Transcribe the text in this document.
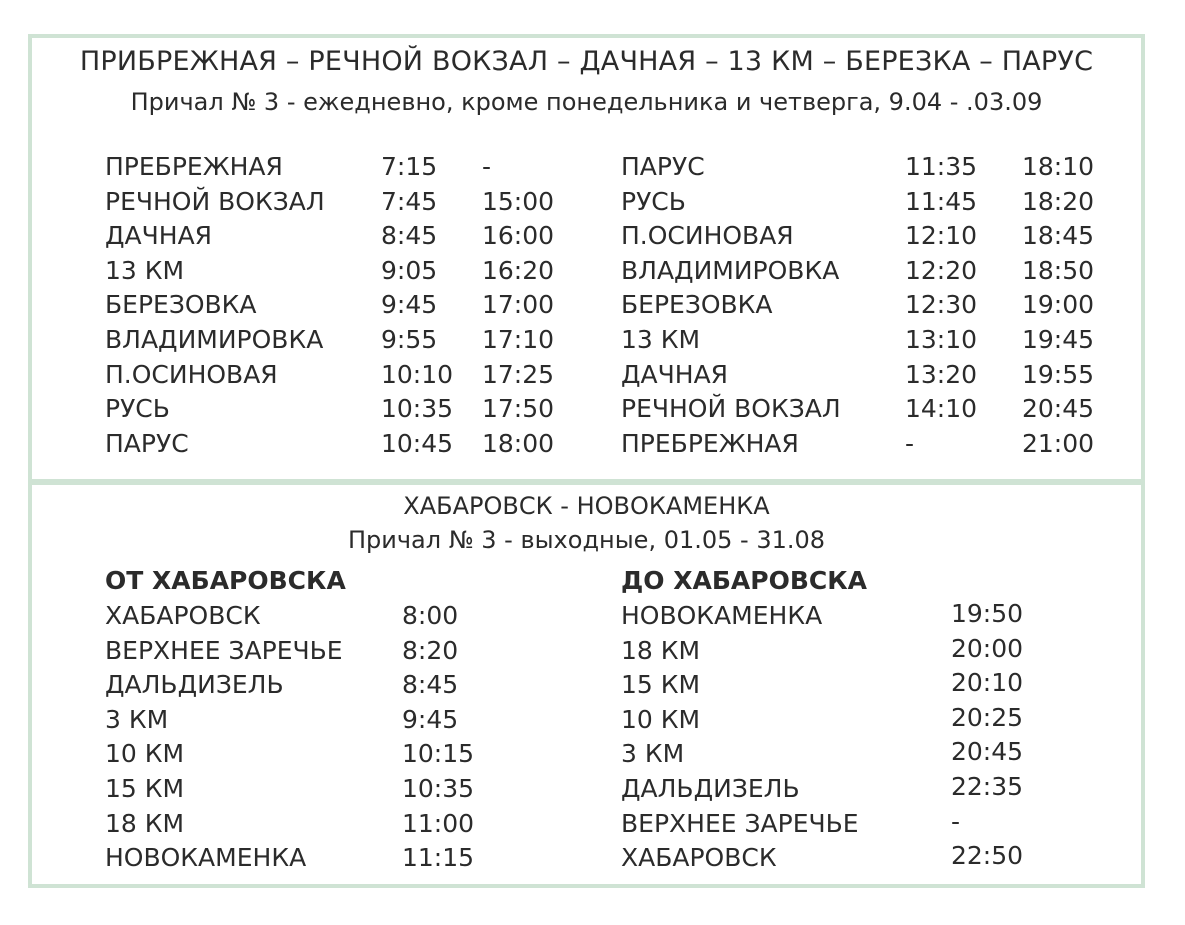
ПРИБРЕЖНАЯ – РЕЧНОЙ ВОКЗАЛ – ДАЧНАЯ – 13 КМ – БЕРЕЗКА – ПАРУС
Причал № 3 - ежедневно, кроме понедельника и четверга, 9.04 - .03.09
ПРЕБРЕЖНАЯ	7:15 -
РЕЧНОЙ ВОКЗАЛ 7:45 15:00
ДАЧНАЯ	8:45 16:00
13 КМ	9:05 16:20
БЕРЕЗОВКА	9:45 17:00
ВЛАДИМИРОВКА 9:55 17:10
П.ОСИНОВАЯ	10:10 17:25
РУСЬ	10:35 17:50
ПАРУС	10:45 18:00
ПАРУС	11:35 18:10
РУСЬ	11:45 18:20
П.ОСИНОВАЯ	12:10 18:45
ВЛАДИМИРОВКА	12:20 18:50
БЕРЕЗОВКА	12:30 19:00
13 КМ	13:10 19:45
ДАЧНАЯ	13:20 19:55
РЕЧНОЙ ВОКЗАЛ	14:10 20:45
ПРЕБРЕЖНАЯ	-	21:00
ХАБАРОВСК - НОВОКАМЕНКА
Причал № 3 - выходные, 01.05 - 31.08
ОТ ХАБАРОВСКА	ДО ХАБАРОВСКА
ХАБАРОВСК	8:00
ВЕРХНЕЕ ЗАРЕЧЬЕ 8:20
ДАЛЬДИЗЕЛЬ	8:45
3 КМ	9:45
10 КМ	10:15
15 КМ	10:35
18 КМ	11:00
НОВОКАМЕНКА	11:15
НОВОКАМЕНКА	19:50
18 КМ	20:00
15 КМ	20:10
10 КМ	20:25
3 КМ	20:45
ДАЛЬДИЗЕЛЬ	22:35
ВЕРХНЕЕ ЗАРЕЧЬЕ	-
ХАБАРОВСК	22:50
